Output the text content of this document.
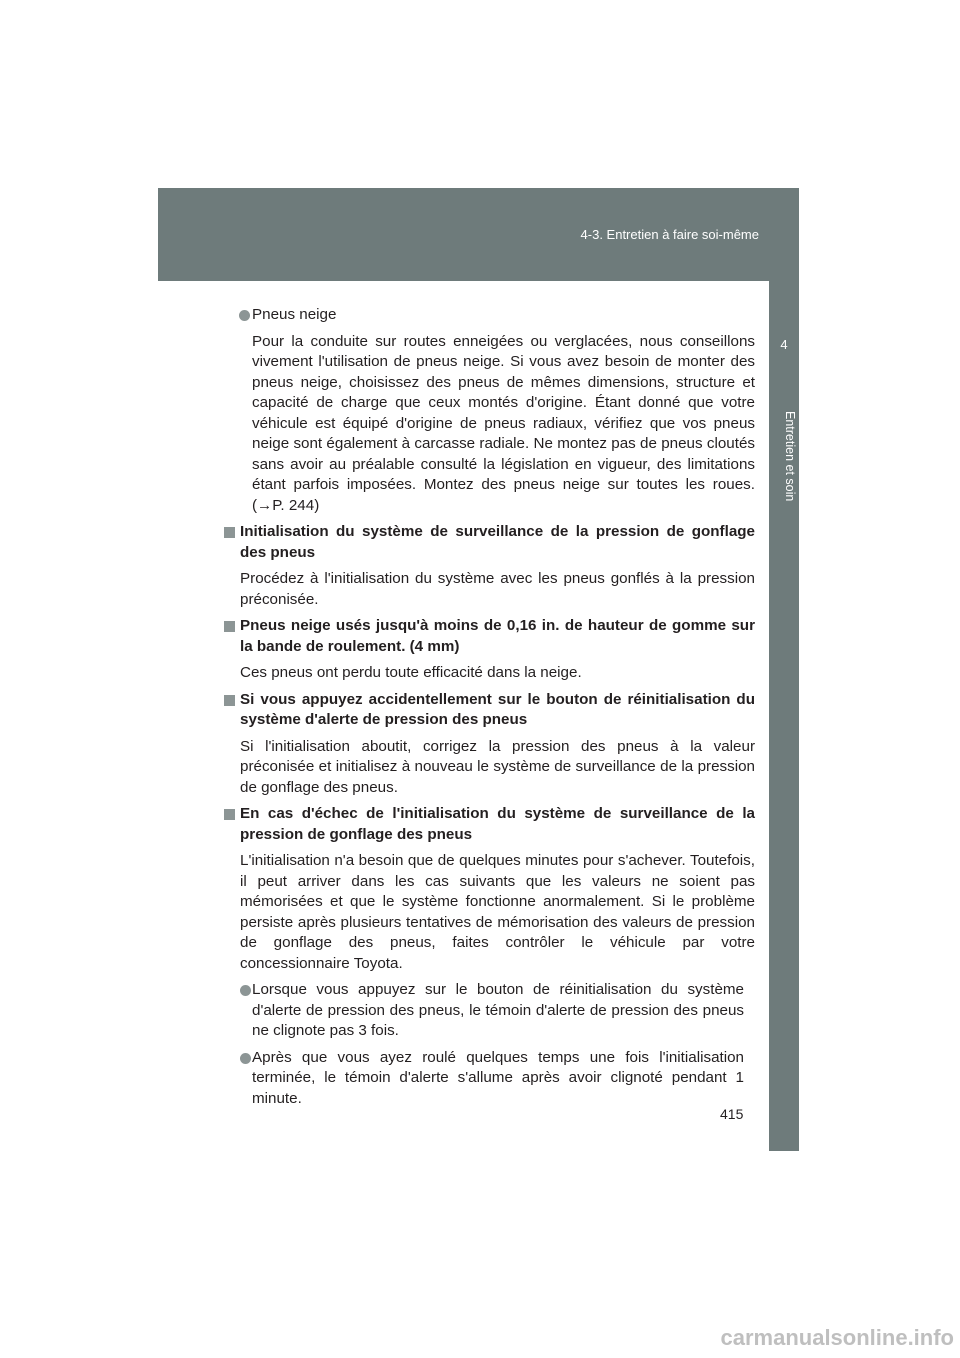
4-3. Entretien à faire soi-même
4
Entretien et soin
Pneus neige
Pour la conduite sur routes enneigées ou verglacées, nous conseillons vivement l'utilisation de pneus neige. Si vous avez besoin de monter des pneus neige, choisissez des pneus de mêmes dimensions, structure et capacité de charge que ceux montés d'origine. Étant donné que votre véhicule est équipé d'origine de pneus radiaux, vérifiez que vos pneus neige sont également à carcasse radiale. Ne montez pas de pneus cloutés sans avoir au préalable consulté la législation en vigueur, des limitations étant parfois imposées. Montez des pneus neige sur toutes les roues. (→P. 244)
Initialisation du système de surveillance de la pression de gonflage des pneus
Procédez à l'initialisation du système avec les pneus gonflés à la pression préconisée.
Pneus neige usés jusqu'à moins de 0,16 in. de hauteur de gomme sur la bande de roulement. (4 mm)
Ces pneus ont perdu toute efficacité dans la neige.
Si vous appuyez accidentellement sur le bouton de réinitialisation du système d'alerte de pression des pneus
Si l'initialisation aboutit, corrigez la pression des pneus à la valeur préconisée et initialisez à nouveau le système de surveillance de la pression de gonflage des pneus.
En cas d'échec de l'initialisation du système de surveillance de la pression de gonflage des pneus
L'initialisation n'a besoin que de quelques minutes pour s'achever. Toutefois, il peut arriver dans les cas suivants que les valeurs ne soient pas mémorisées et que le système fonctionne anormalement. Si le problème persiste après plusieurs tentatives de mémorisation des valeurs de pression de gonflage des pneus, faites contrôler le véhicule par votre concessionnaire Toyota.
Lorsque vous appuyez sur le bouton de réinitialisation du système d'alerte de pression des pneus, le témoin d'alerte de pression des pneus ne clignote pas 3 fois.
Après que vous ayez roulé quelques temps une fois l'initialisation terminée, le témoin d'alerte s'allume après avoir clignoté pendant 1 minute.
415
carmanualsonline.info
